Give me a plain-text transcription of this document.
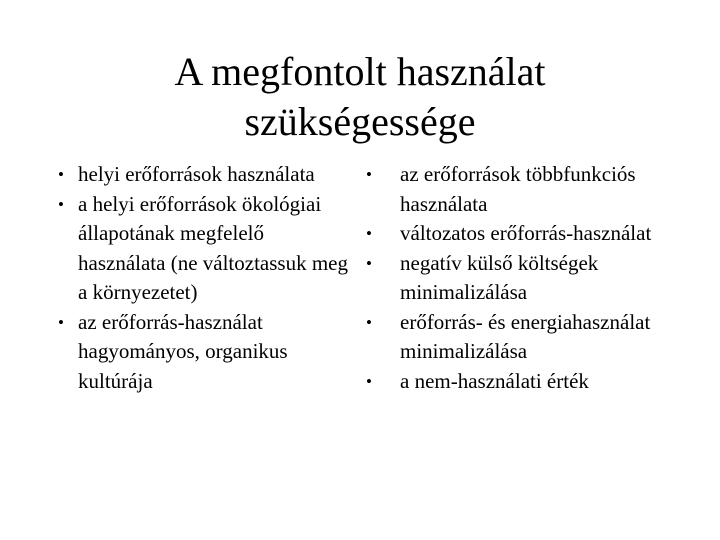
A megfontolt használat
szükségessége
• helyi erőforrások használata
• a helyi erőforrások ökológiai állapotának megfelelő használata (ne változtassuk meg a környezetet)
• az erőforrás-használat hagyományos, organikus kultúrája
•	az erőforrások többfunkciós használata
•	változatos erőforrás-használat
•	negatív külső költségek minimalizálása
•	erőforrás- és energiahasználat minimalizálása
•	a nem-használati érték
